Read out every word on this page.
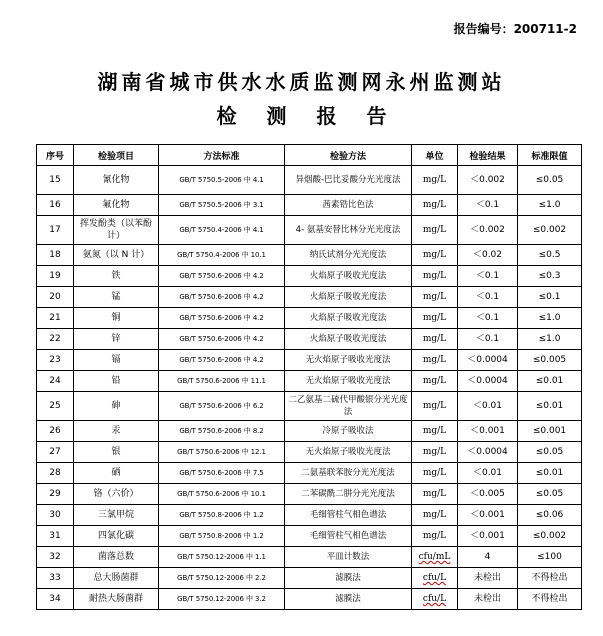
报告编号：200711-2
湖南省城市供水水质监测网永州监测站
检测报告
序号	检验项目	方法标准	检验方法	单位	检验结果	标准限值
15	氰化物	GB/T 5750.5-2006 中 4.1	异烟酸-巴比妥酸分光光度法	mg/L	＜0.002	≤0.05
16	氟化物	GB/T 5750.5-2006 中 3.1	茜素锆比色法	mg/L	＜0.1	≤1.0
17	挥发酚类（以苯酚计）	GB/T 5750.4-2006 中 4.1	4- 氨基安替比林分光光度法	mg/L	＜0.002	≤0.002
18	氨氮（以 N 计）	GB/T 5750.4-2006 中 10.1	纳氏试剂分光光度法	mg/L	＜0.02	≤0.5
19	铁	GB/T 5750.6-2006 中 4.2	火焰原子吸收光度法	mg/L	＜0.1	≤0.3
20	锰	GB/T 5750.6-2006 中 4.2	火焰原子吸收光度法	mg/L	＜0.1	≤0.1
21	铜	GB/T 5750.6-2006 中 4.2	火焰原子吸收光度法	mg/L	＜0.1	≤1.0
22	锌	GB/T 5750.6-2006 中 4.2	火焰原子吸收光度法	mg/L	＜0.1	≤1.0
23	镉	GB/T 5750.6-2006 中 4.2	无火焰原子吸收光度法	mg/L	＜0.0004	≤0.005
24	铅	GB/T 5750.6-2006 中 11.1	无火焰原子吸收光度法	mg/L	＜0.0004	≤0.01
25	砷	GB/T 5750.6-2006 中 6.2	二乙氨基二硫代甲酸银分光光度法	mg/L	＜0.01	≤0.01
26	汞	GB/T 5750.6-2006 中 8.2	冷原子吸收法	mg/L	＜0.001	≤0.001
27	银	GB/T 5750.6-2006 中 12.1	无火焰原子吸收光度法	mg/L	＜0.0004	≤0.05
28	硒	GB/T 5750.6-2006 中 7.5	二氨基联苯胺分光光度法	mg/L	＜0.01	≤0.01
29	铬（六价）	GB/T 5750.6-2006 中 10.1	二苯碳酰二肼分光光度法	mg/L	＜0.005	≤0.05
30	三氯甲烷	GB/T 5750.8-2006 中 1.2	毛细管柱气相色谱法	mg/L	＜0.001	≤0.06
31	四氯化碳	GB/T 5750.8-2006 中 1.2	毛细管柱气相色谱法	mg/L	＜0.001	≤0.002
32	菌落总数	GB/T 5750.12-2006 中 1.1	平皿计数法	cfu/mL	4	≤100
33	总大肠菌群	GB/T 5750.12-2006 中 2.2	滤膜法	cfu/L	未检出	不得检出
34	耐热大肠菌群	GB/T 5750.12-2006 中 3.2	滤膜法	cfu/L	未检出	不得检出
